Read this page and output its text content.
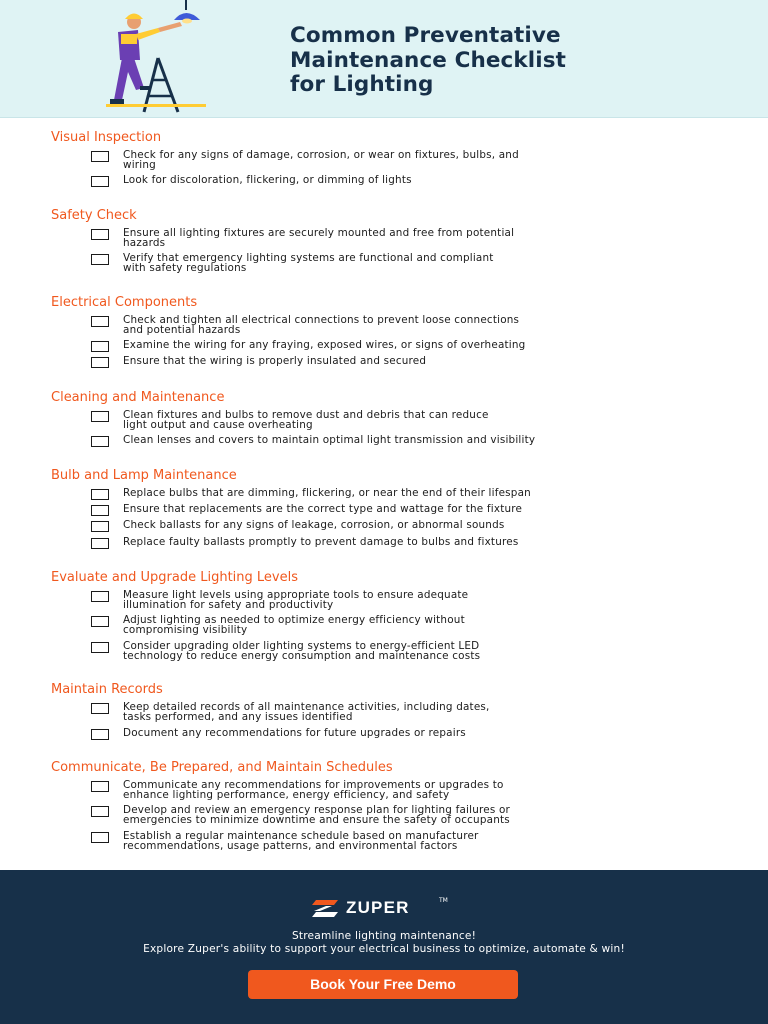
Common Preventative
Maintenance Checklist
for Lighting
Visual Inspection
Check for any signs of damage, corrosion, or wear on fixtures, bulbs, and
wiring
Look for discoloration, flickering, or dimming of lights
Safety Check
Ensure all lighting fixtures are securely mounted and free from potential
hazards
Verify that emergency lighting systems are functional and compliant
with safety regulations
Electrical Components
Check and tighten all electrical connections to prevent loose connections
and potential hazards
Examine the wiring for any fraying, exposed wires, or signs of overheating
Ensure that the wiring is properly insulated and secured
Cleaning and Maintenance
Clean fixtures and bulbs to remove dust and debris that can reduce
light output and cause overheating
Clean lenses and covers to maintain optimal light transmission and visibility
Bulb and Lamp Maintenance
Replace bulbs that are dimming, flickering, or near the end of their lifespan
Ensure that replacements are the correct type and wattage for the fixture
Check ballasts for any signs of leakage, corrosion, or abnormal sounds
Replace faulty ballasts promptly to prevent damage to bulbs and fixtures
Evaluate and Upgrade Lighting Levels
Measure light levels using appropriate tools to ensure adequate
illumination for safety and productivity
Adjust lighting as needed to optimize energy efficiency without
compromising visibility
Consider upgrading older lighting systems to energy-efficient LED
technology to reduce energy consumption and maintenance costs
Maintain Records
Keep detailed records of all maintenance activities, including dates,
tasks performed, and any issues identified
Document any recommendations for future upgrades or repairs
Communicate, Be Prepared, and Maintain Schedules
Communicate any recommendations for improvements or upgrades to
enhance lighting performance, energy efficiency, and safety
Develop and review an emergency response plan for lighting failures or
emergencies to minimize downtime and ensure the safety of occupants
Establish a regular maintenance schedule based on manufacturer
recommendations, usage patterns, and environmental factors
ZUPER	TM
Streamline lighting maintenance!
Explore Zuper's ability to support your electrical business to optimize, automate & win!
Book Your Free Demo
